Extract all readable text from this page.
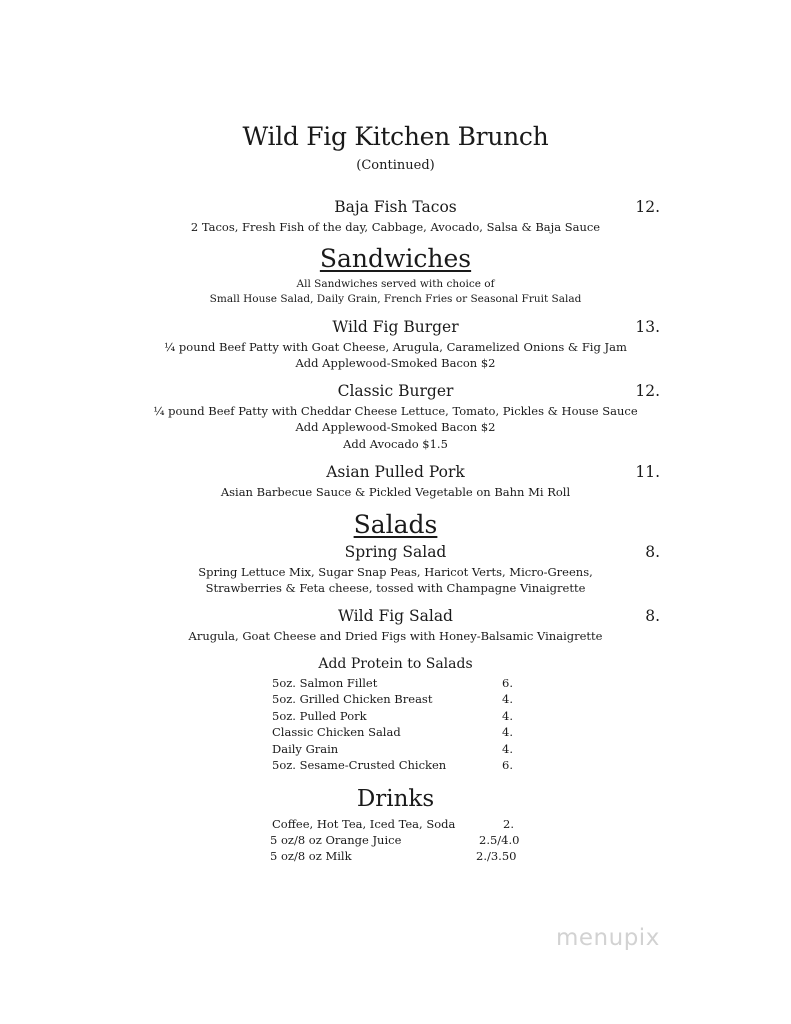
Wild Fig Kitchen Brunch
(Continued)
Baja Fish Tacos	12.
2 Tacos, Fresh Fish of the day, Cabbage, Avocado, Salsa & Baja Sauce
Sandwiches
All Sandwiches served with choice of
Small House Salad, Daily Grain, French Fries or Seasonal Fruit Salad
Wild Fig Burger	13.
¼ pound Beef Patty with Goat Cheese, Arugula, Caramelized Onions & Fig Jam
Add Applewood-Smoked Bacon $2
Classic Burger	12.
¼ pound Beef Patty with Cheddar Cheese Lettuce, Tomato, Pickles & House Sauce
Add Applewood-Smoked Bacon $2
Add Avocado $1.5
Asian Pulled Pork	11.
Asian Barbecue Sauce & Pickled Vegetable on Bahn Mi Roll
Salads
Spring Salad	8.
Spring Lettuce Mix, Sugar Snap Peas, Haricot Verts, Micro-Greens,
Strawberries & Feta cheese, tossed with Champagne Vinaigrette
Wild Fig Salad	8.
Arugula, Goat Cheese and Dried Figs with Honey-Balsamic Vinaigrette
Add Protein to Salads
5oz. Salmon Fillet	6.
5oz. Grilled Chicken Breast	4.
5oz. Pulled Pork	4.
Classic Chicken Salad	4.
Daily Grain	4.
5oz. Sesame-Crusted Chicken	6.
Drinks
Coffee, Hot Tea, Iced Tea, Soda	2.
5 oz/8 oz Orange Juice	2.5/4.0
5 oz/8 oz Milk	2./3.50
menupix
